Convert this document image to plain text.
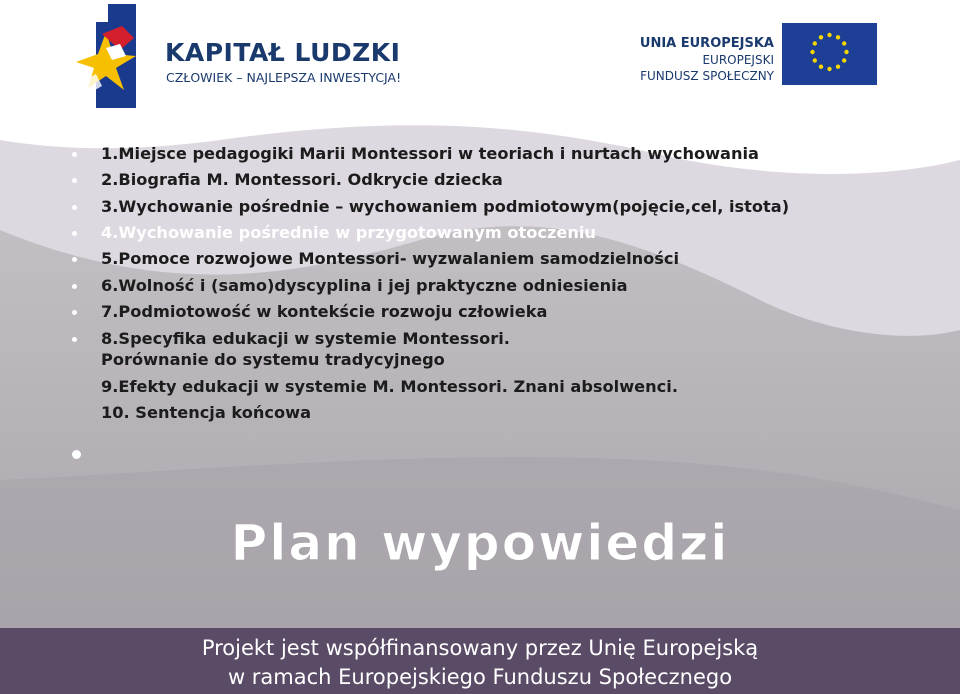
KAPITAŁ LUDZKI
CZŁOWIEK – NAJLEPSZA INWESTYCJA!
UNIA EUROPEJSKA
EUROPEJSKI
FUNDUSZ SPOŁECZNY
1.Miejsce pedagogiki Marii Montessori w teoriach i nurtach wychowania
2.Biografia M. Montessori. Odkrycie dziecka
3.Wychowanie pośrednie – wychowaniem podmiotowym(pojęcie,cel, istota)
4.Wychowanie pośrednie w przygotowanym otoczeniu
5.Pomoce rozwojowe Montessori- wyzwalaniem samodzielności
6.Wolność i (samo)dyscyplina i jej praktyczne odniesienia
7.Podmiotowość w kontekście rozwoju człowieka
8.Specyfika edukacji w systemie Montessori.
Porównanie do systemu tradycyjnego
9.Efekty edukacji w systemie M. Montessori. Znani absolwenci.
10. Sentencja końcowa
Plan wypowiedzi
Projekt jest współfinansowany przez Unię Europejską
w ramach Europejskiego Funduszu Społecznego
